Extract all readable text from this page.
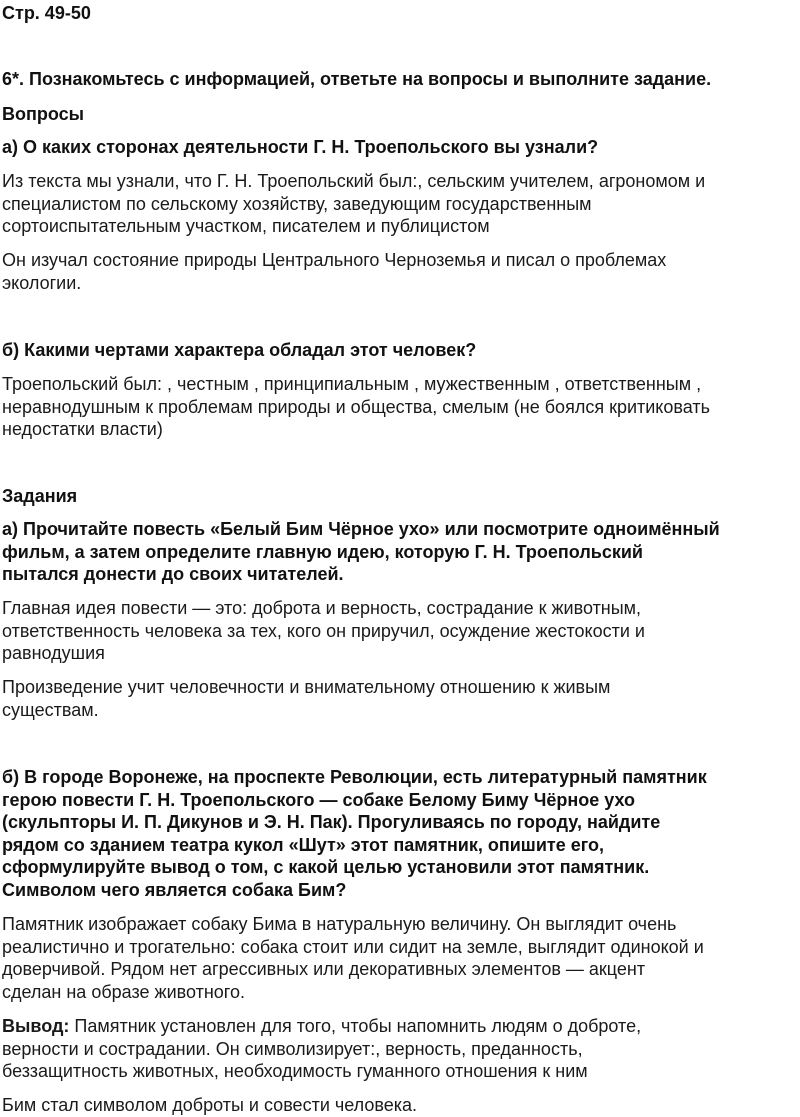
Стр. 49-50
6*. Познакомьтесь с информацией, ответьте на вопросы и выполните задание.
Вопросы
а) О каких сторонах деятельности Г. Н. Троепольского вы узнали?
Из текста мы узнали, что Г. Н. Троепольский был:, сельским учителем, агрономом и
специалистом по сельскому хозяйству, заведующим государственным
сортоиспытательным участком, писателем и публицистом
Он изучал состояние природы Центрального Черноземья и писал о проблемах
экологии.
б) Какими чертами характера обладал этот человек?
Троепольский был: , честным , принципиальным , мужественным , ответственным ,
неравнодушным к проблемам природы и общества, смелым (не боялся критиковать
недостатки власти)
Задания
а) Прочитайте повесть «Белый Бим Чёрное ухо» или посмотрите одноимённый
фильм, а затем определите главную идею, которую Г. Н. Троепольский
пытался донести до своих читателей.
Главная идея повести — это: доброта и верность, сострадание к животным,
ответственность человека за тех, кого он приручил, осуждение жестокости и
равнодушия
Произведение учит человечности и внимательному отношению к живым
существам.
б) В городе Воронеже, на проспекте Революции, есть литературный памятник
герою повести Г. Н. Троепольского — собаке Белому Биму Чёрное ухо
(скульпторы И. П. Дикунов и Э. Н. Пак). Прогуливаясь по городу, найдите
рядом со зданием театра кукол «Шут» этот памятник, опишите его,
сформулируйте вывод о том, с какой целью установили этот памятник.
Символом чего является собака Бим?
Памятник изображает собаку Бима в натуральную величину. Он выглядит очень
реалистично и трогательно: собака стоит или сидит на земле, выглядит одинокой и
доверчивой. Рядом нет агрессивных или декоративных элементов — акцент
сделан на образе животного.
Вывод: Памятник установлен для того, чтобы напомнить людям о доброте,
верности и сострадании. Он символизирует:, верность, преданность,
беззащитность животных, необходимость гуманного отношения к ним
Бим стал символом доброты и совести человека.
